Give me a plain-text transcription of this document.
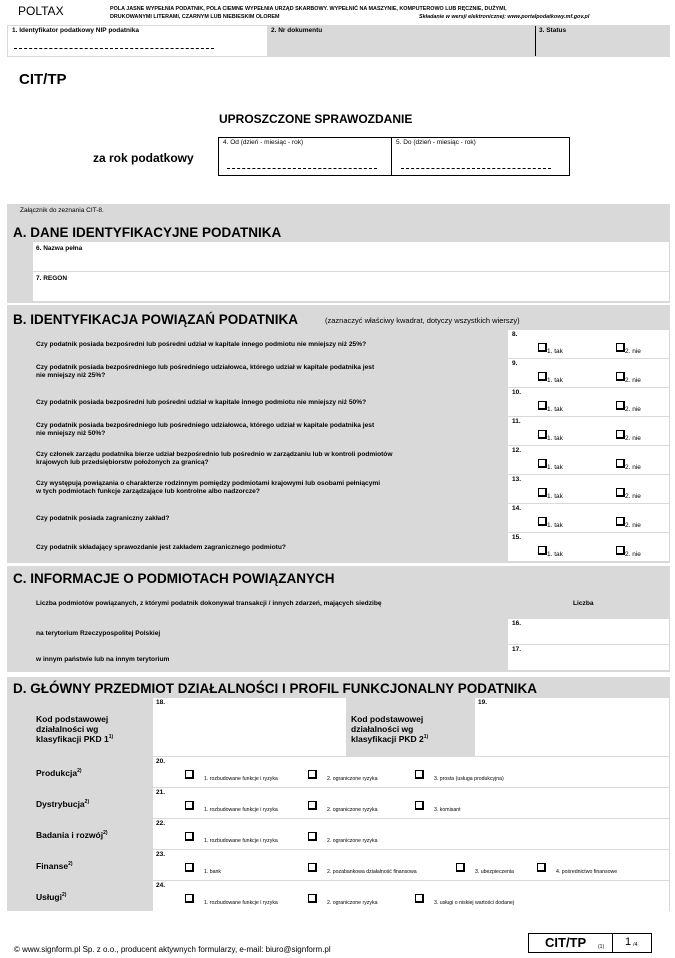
POLTAX	POLA JASNE WYPEŁNIA PODATNIK, POLA CIEMNE WYPEŁNIA URZĄD SKARBOWY. WYPEŁNIĆ NA MASZYNIE, KOMPUTEROWO LUB RĘCZNIE, DUŻYMI,
DRUKOWANYMI LITERAMI, CZARNYM LUB NIEBIESKIM OLOREM	Składanie w wersji elektronicznej: www.portalpodatkowy.mf.gov.pl
1. Identyfikator podatkowy NIP podatnika	2. Nr dokumentu	3. Status
CIT/TP
UPROSZCZONE SPRAWOZDANIE
za rok podatkowy
4. Od (dzień - miesiąc - rok)	5. Do (dzień - miesiąc - rok)
Załącznik do zeznania CIT-8.
A. DANE IDENTYFIKACYJNE PODATNIKA
6. Nazwa pełna
7. REGON
B. IDENTYFIKACJA POWIĄZAŃ PODATNIKA	(zaznaczyć właściwy kwadrat, dotyczy wszystkich wierszy)
Czy podatnik posiada bezpośredni lub pośredni udział w kapitale innego podmiotu nie mniejszy niż 25%?
8.
1. tak	2. nie
Czy podatnik posiada bezpośredniego lub pośredniego udziałowca, którego udział w kapitale podatnika jest
nie mniejszy niż 25%?
9.
1. tak	2. nie
Czy podatnik posiada bezpośredni lub pośredni udział w kapitale innego podmiotu nie mniejszy niż 50%?
10.
1. tak	2. nie
Czy podatnik posiada bezpośredniego lub pośredniego udziałowca, którego udział w kapitale podatnika jest
nie mniejszy niż 50%?
11.
1. tak	2. nie
Czy członek zarządu podatnika bierze udział bezpośrednio lub pośrednio w zarządzaniu lub w kontroli podmiotów
krajowych lub przedsiębiorstw położonych za granicą?
12.
1. tak	2. nie
Czy występują powiązania o charakterze rodzinnym pomiędzy podmiotami krajowymi lub osobami pełniącymi
w tych podmiotach funkcje zarządzające lub kontrolne albo nadzorcze?
13.
1. tak	2. nie
Czy podatnik posiada zagraniczny zakład?
14.
1. tak	2. nie
Czy podatnik składający sprawozdanie jest zakładem zagranicznego podmiotu?
15.
1. tak	2. nie
C. INFORMACJE O PODMIOTACH POWIĄZANYCH
Liczba podmiotów powiązanych, z którymi podatnik dokonywał transakcji / innych zdarzeń, mających siedzibę	Liczba
na terytorium Rzeczypospolitej Polskiej
16.
w innym państwie lub na innym terytorium
17.
D. GŁÓWNY PRZEDMIOT DZIAŁALNOŚCI I PROFIL FUNKCJONALNY PODATNIKA
Kod podstawowej
działalności wg
klasyfikacji PKD 1$^{1)}$
18.
Kod podstawowej
działalności wg
klasyfikacji PKD 2$^{1)}$
19.
Produkcja$^{2)}$
20.
1. rozbudowane funkcje i ryzyka	2. ograniczone ryzyka	3. prosta (usługa produkcyjna)
Dystrybucja$^{2)}$
21.
1. rozbudowane funkcje i ryzyka	2. ograniczone ryzyka	3. komisant
Badania i rozwój$^{2)}$
22.
1. rozbudowane funkcje i ryzyka	2. ograniczone ryzyka
Finanse$^{2)}$
23.
1. bank	2. pozabankowa działalność finansowa	3. ubezpieczenia	4. pośrednictwo finansowe
Usługi$^{2)}$
24.
1. rozbudowane funkcje i ryzyka	2. ograniczone ryzyka	3. usługi o niskiej wartości dodanej
© www.signform.pl Sp. z o.o., producent aktywnych formularzy, e-mail: biuro@signform.pl	CIT/TP (1) 1 /4
